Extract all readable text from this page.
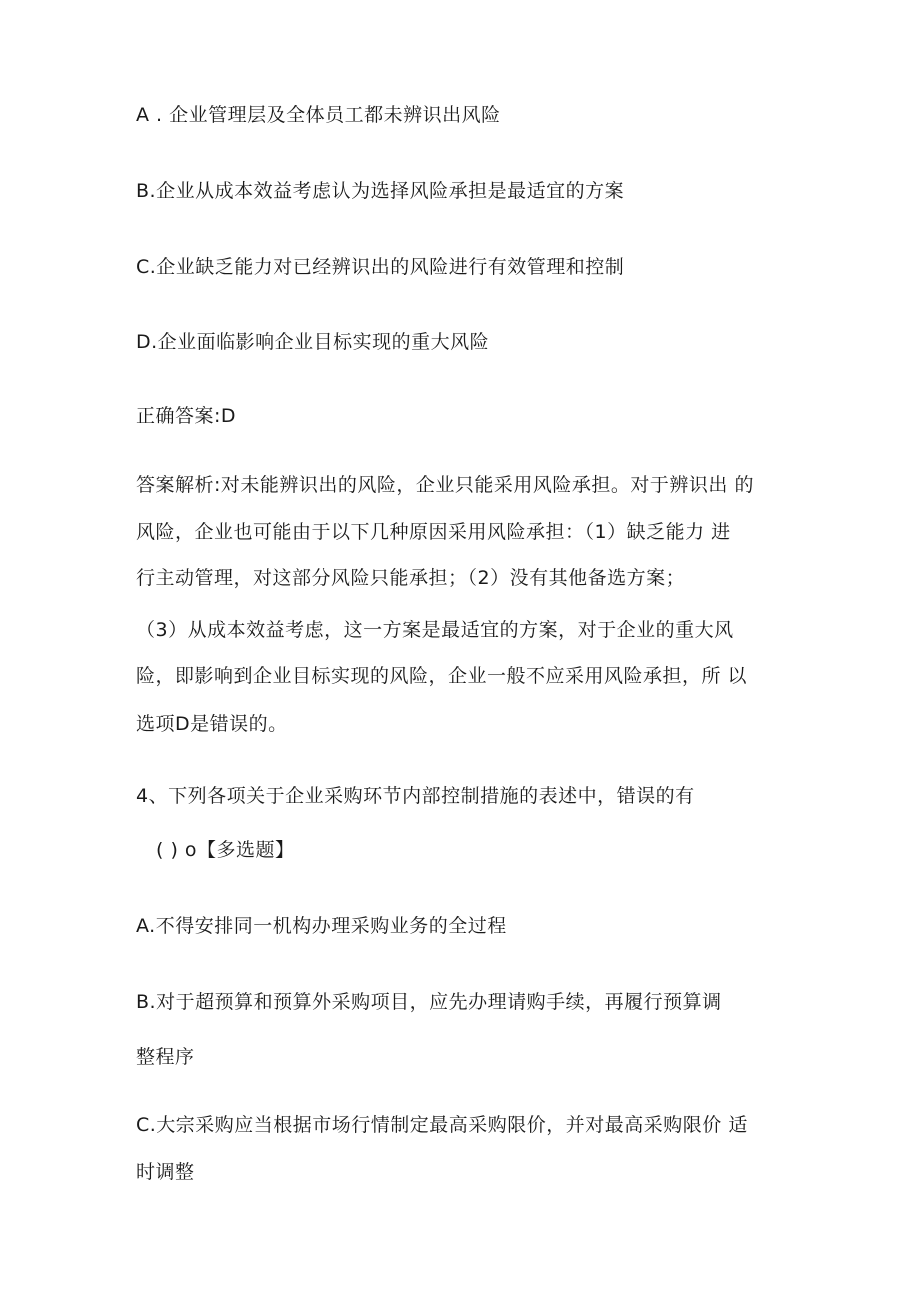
A . 企业管理层及全体员工都未辨识出风险
B.企业从成本效益考虑认为选择风险承担是最适宜的方案
C.企业缺乏能力对已经辨识出的风险进行有效管理和控制
D.企业面临影响企业目标实现的重大风险
正确答案:D
答案解析:对未能辨识出的风险，企业只能采用风险承担。对于辨识出 的
风险，企业也可能由于以下几种原因采用风险承担：（1）缺乏能力 进
行主动管理，对这部分风险只能承担；（2）没有其他备选方案；
（3）从成本效益考虑，这一方案是最适宜的方案，对于企业的重大风
险，即影响到企业目标实现的风险，企业一般不应采用风险承担，所 以
选项D是错误的。
4、下列各项关于企业采购环节内部控制措施的表述中，错误的有
( ) o【多选题】
A.不得安排同一机构办理采购业务的全过程
B.对于超预算和预算外采购项目，应先办理请购手续，再履行预算调
整程序
C.大宗采购应当根据市场行情制定最高采购限价，并对最高采购限价 适
时调整
